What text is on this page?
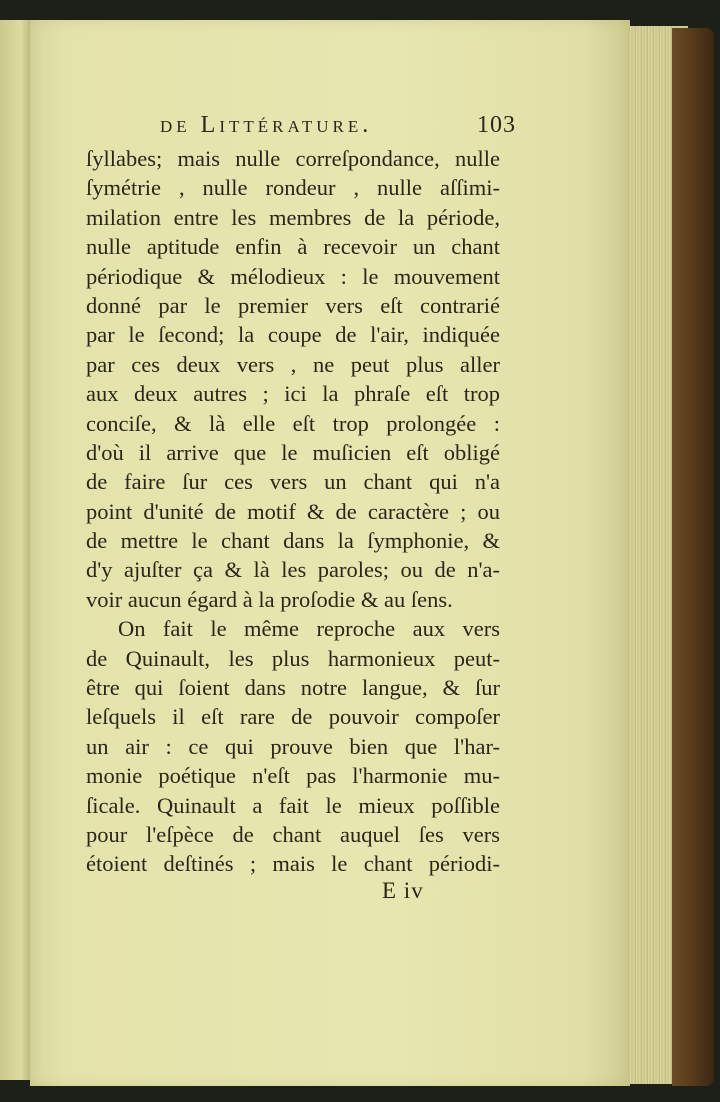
de Littérature.	103
ſyllabes; mais nulle correſpondance, nulle
ſymétrie , nulle rondeur , nulle aſſimi-
milation entre les membres de la période,
nulle aptitude enfin à recevoir un chant
périodique & mélodieux : le mouvement
donné par le premier vers eſt contrarié
par le ſecond; la coupe de l'air, indiquée
par ces deux vers , ne peut plus aller
aux deux autres ; ici la phraſe eſt trop
conciſe, & là elle eſt trop prolongée :
d'où il arrive que le muſicien eſt obligé
de faire ſur ces vers un chant qui n'a
point d'unité de motif & de caractère ; ou
de mettre le chant dans la ſymphonie, &
d'y ajuſter ça & là les paroles; ou de n'a-
voir aucun égard à la proſodie & au ſens.
On fait le même reproche aux vers
de Quinault, les plus harmonieux peut-
être qui ſoient dans notre langue, & ſur
leſquels il eſt rare de pouvoir compoſer
un air : ce qui prouve bien que l'har-
monie poétique n'eſt pas l'harmonie mu-
ſicale. Quinault a fait le mieux poſſible
pour l'eſpèce de chant auquel ſes vers
étoient deſtinés ; mais le chant périodi-
E iv
